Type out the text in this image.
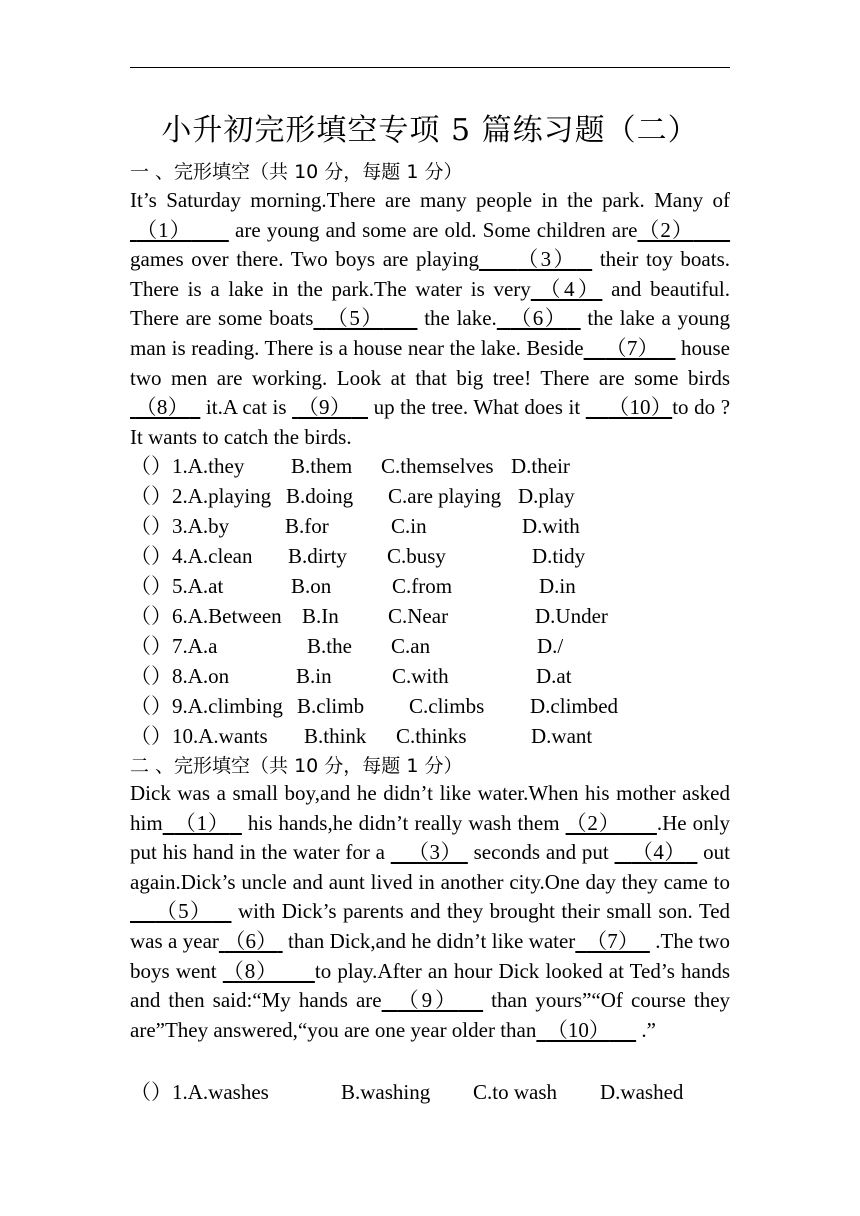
小升初完形填空专项 5 篇练习题（二）
一 、完形填空（共 10 分，每题 1 分）

It’s Saturday morning.There are many people in the park. Many of  （1）       are young and some are old. Some children are（2）       games over there. Two boys are playing （3）   their toy boats. There is a lake in the park.The water is very （4） and beautiful. There are some boats （5）      the lake. （6）   the lake a young man is reading. There is a house near the lake. Beside （7）    house two men are working. Look at that big tree! There are some birds （8）   it.A cat is  （9）    up the tree. What does it     （10）to do ?It wants to catch the birds.

（）1.A.they B.them C.themselves D.their
（）2.A.playing B.doing C.are playing D.play
（）3.A.by	B.for	C.in	D.with
（）4.A.clean B.dirty C.busy	D.tidy
（）5.A.at	B.on	C.from	D.in
（）6.A.Between B.In C.Near	D.Under
（）7.A.a	B.the C.an	D./
（）8.A.on	B.in	C.with	D.at
（）9.A.climbing B.climb C.climbs D.climbed
（）10.A.wants B.think C.thinks	D.want
二 、完形填空（共 10 分，每题 1 分）

Dick was a small boy,and he didn’t like water.When his mother asked him （1）   his hands,he didn’t really wash them （2） .He only put his hand in the water for a    （3）  seconds and put    （4）   out again.Dick’s uncle and aunt lived in another city.One day they came to     （5）    with Dick’s parents and they brought their small son. Ted was a year （6）  than Dick,and he didn’t like water （7）   .The two boys went （8） to play.After an hour Dick looked at Ted’s hands and then said:“My hands are （9）    than yours”“Of course they are”They answered,“you are one year older than （10）      .”

（）1.A.washes	B.washing C.to wash D.washed
